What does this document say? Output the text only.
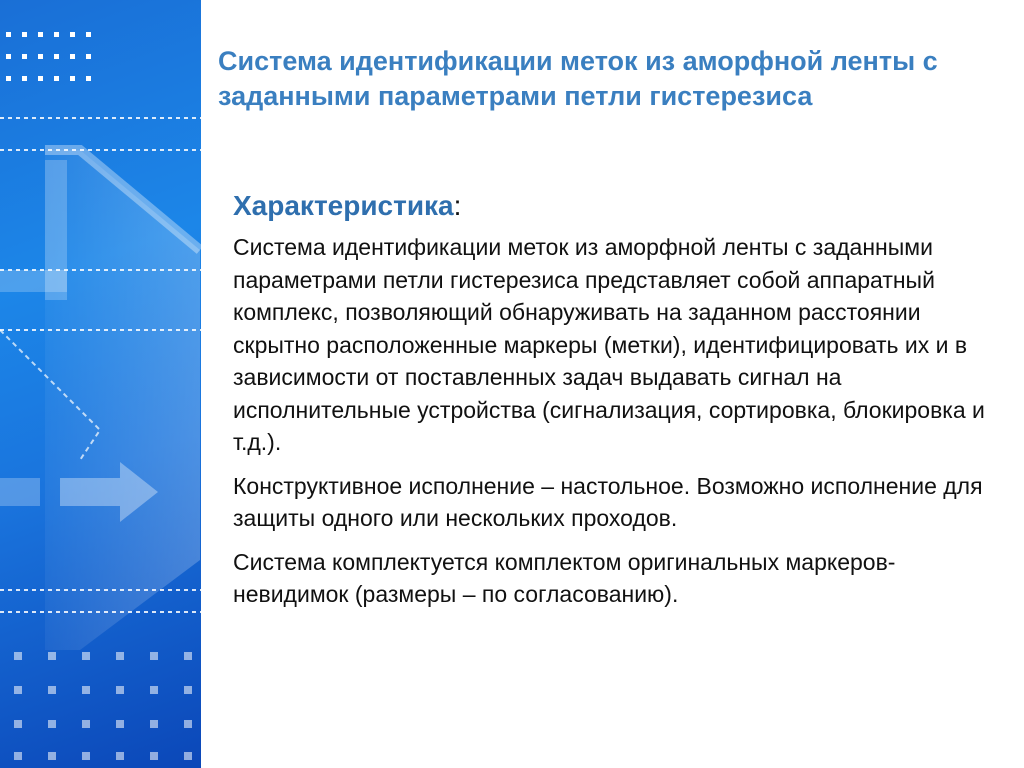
Система идентификации меток из аморфной ленты с заданными параметрами петли гистерезиса

Характеристика:

Система идентификации меток из аморфной ленты с заданными параметрами петли гистерезиса представляет собой аппаратный комплекс, позволяющий обнаруживать на заданном расстоянии скрытно расположенные маркеры (метки), идентифицировать их и в зависимости от поставленных задач выдавать сигнал на исполнительные устройства (сигнализация, сортировка, блокировка и т.д.).

Конструктивное исполнение – настольное. Возможно исполнение для защиты одного или нескольких проходов.

Система комплектуется комплектом оригинальных маркеров-невидимок (размеры – по согласованию).
